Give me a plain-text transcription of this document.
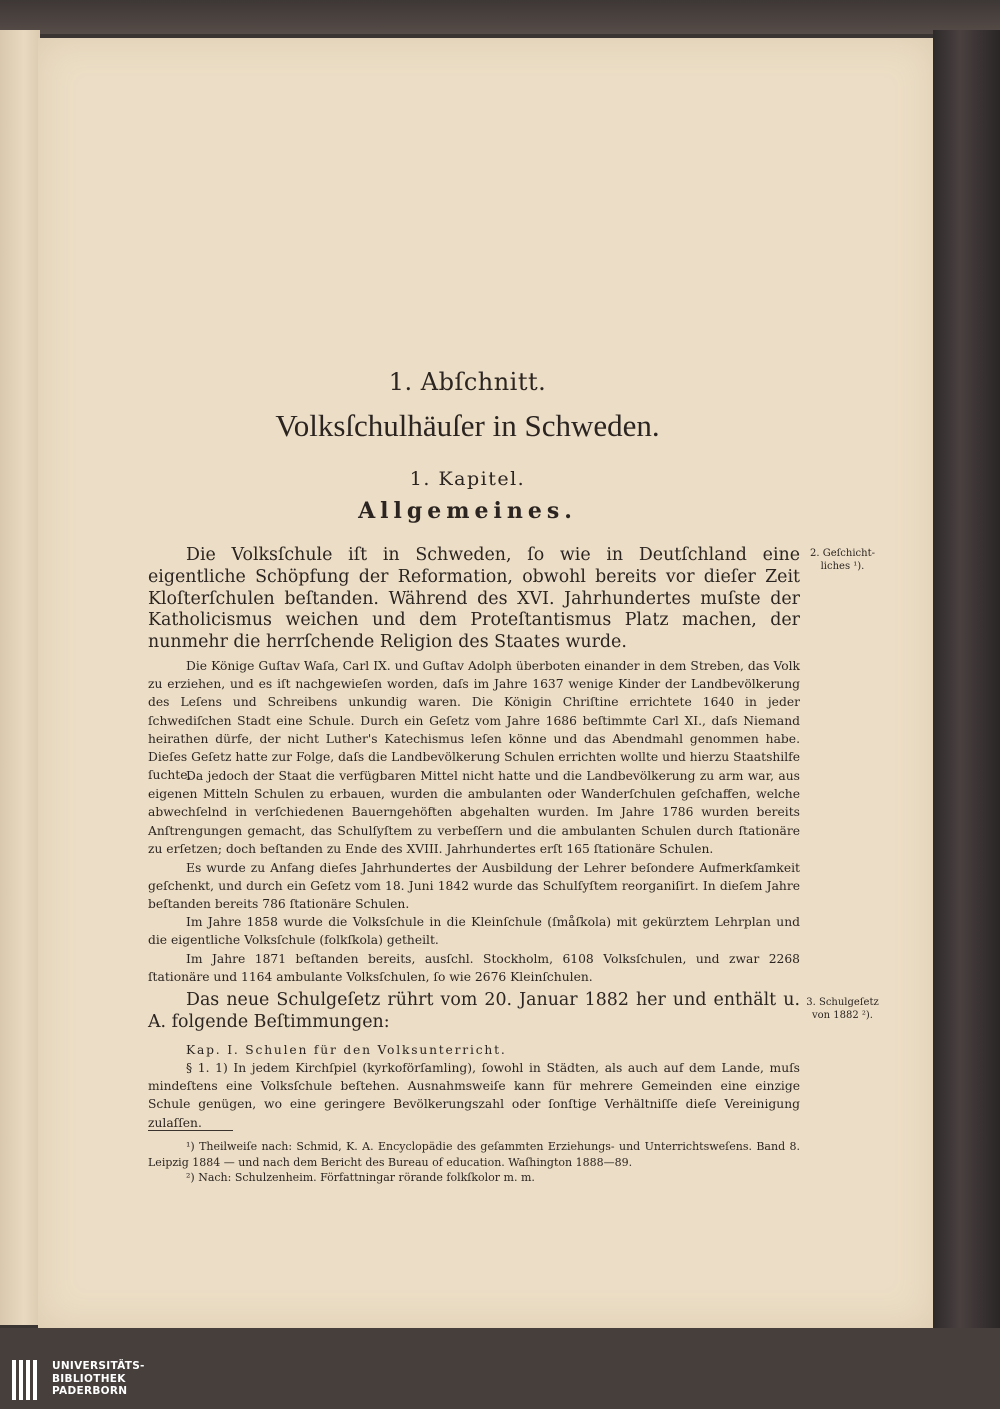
1. Abſchnitt.
Volksſchulhäuſer in Schweden.
1. Kapitel.
Allgemeines.
2. Geſchicht-liches ¹).
3. Schulgeſetz von 1882 ²).
Die Volksſchule iſt in Schweden, ſo wie in Deutſchland eine eigentliche Schöpfung der Reformation, obwohl bereits vor dieſer Zeit Kloſterſchulen beſtanden. Während des XVI. Jahrhundertes muſste der Katholicismus weichen und dem Proteſtantismus Platz machen, der nunmehr die herrſchende Religion des Staates wurde.
Die Könige Guſtav Waſa, Carl IX. und Guſtav Adolph überboten einander in dem Streben, das Volk zu erziehen, und es iſt nachgewieſen worden, daſs im Jahre 1637 wenige Kinder der Landbevölkerung des Leſens und Schreibens unkundig waren. Die Königin Chriſtine errichtete 1640 in jeder ſchwediſchen Stadt eine Schule. Durch ein Geſetz vom Jahre 1686 beſtimmte Carl XI., daſs Niemand heirathen dürfe, der nicht Luther's Katechismus leſen könne und das Abendmahl genommen habe. Dieſes Geſetz hatte zur Folge, daſs die Landbevölkerung Schulen errichten wollte und hierzu Staatshilfe ſuchte.
Da jedoch der Staat die verfügbaren Mittel nicht hatte und die Landbevölkerung zu arm war, aus eigenen Mitteln Schulen zu erbauen, wurden die ambulanten oder Wanderſchulen geſchaffen, welche abwechſelnd in verſchiedenen Bauerngehöften abgehalten wurden. Im Jahre 1786 wurden bereits Anſtrengungen gemacht, das Schulſyſtem zu verbeſſern und die ambulanten Schulen durch ſtationäre zu erſetzen; doch beſtanden zu Ende des XVIII. Jahrhundertes erſt 165 ſtationäre Schulen.
Es wurde zu Anfang dieſes Jahrhundertes der Ausbildung der Lehrer beſondere Aufmerkſamkeit geſchenkt, und durch ein Geſetz vom 18. Juni 1842 wurde das Schulſyſtem reorganiſirt. In dieſem Jahre beſtanden bereits 786 ſtationäre Schulen.
Im Jahre 1858 wurde die Volksſchule in die Kleinſchule (ſmåſkola) mit gekürztem Lehrplan und die eigentliche Volksſchule (folkſkola) getheilt.
Im Jahre 1871 beſtanden bereits, ausſchl. Stockholm, 6108 Volksſchulen, und zwar 2268 ſtationäre und 1164 ambulante Volksſchulen, ſo wie 2676 Kleinſchulen.
Das neue Schulgeſetz rührt vom 20. Januar 1882 her und enthält u. A. folgende Beſtimmungen:
Kap. I. Schulen für den Volksunterricht.
§ 1. 1) In jedem Kirchſpiel (kyrkoförſamling), ſowohl in Städten, als auch auf dem Lande, muſs mindeſtens eine Volksſchule beſtehen. Ausnahmsweiſe kann für mehrere Gemeinden eine einzige Schule genügen, wo eine geringere Bevölkerungszahl oder ſonſtige Verhältniſſe dieſe Vereinigung zulaſſen.
¹) Theilweiſe nach: Schmid, K. A. Encyclopädie des geſammten Erziehungs- und Unterrichtsweſens. Band 8. Leipzig 1884 — und nach dem Bericht des Bureau of education. Waſhington 1888—89.
²) Nach: Schulzenheim. Författningar rörande folkſkolor m. m.
UNIVERSITÄTS-
BIBLIOTHEK
PADERBORN
